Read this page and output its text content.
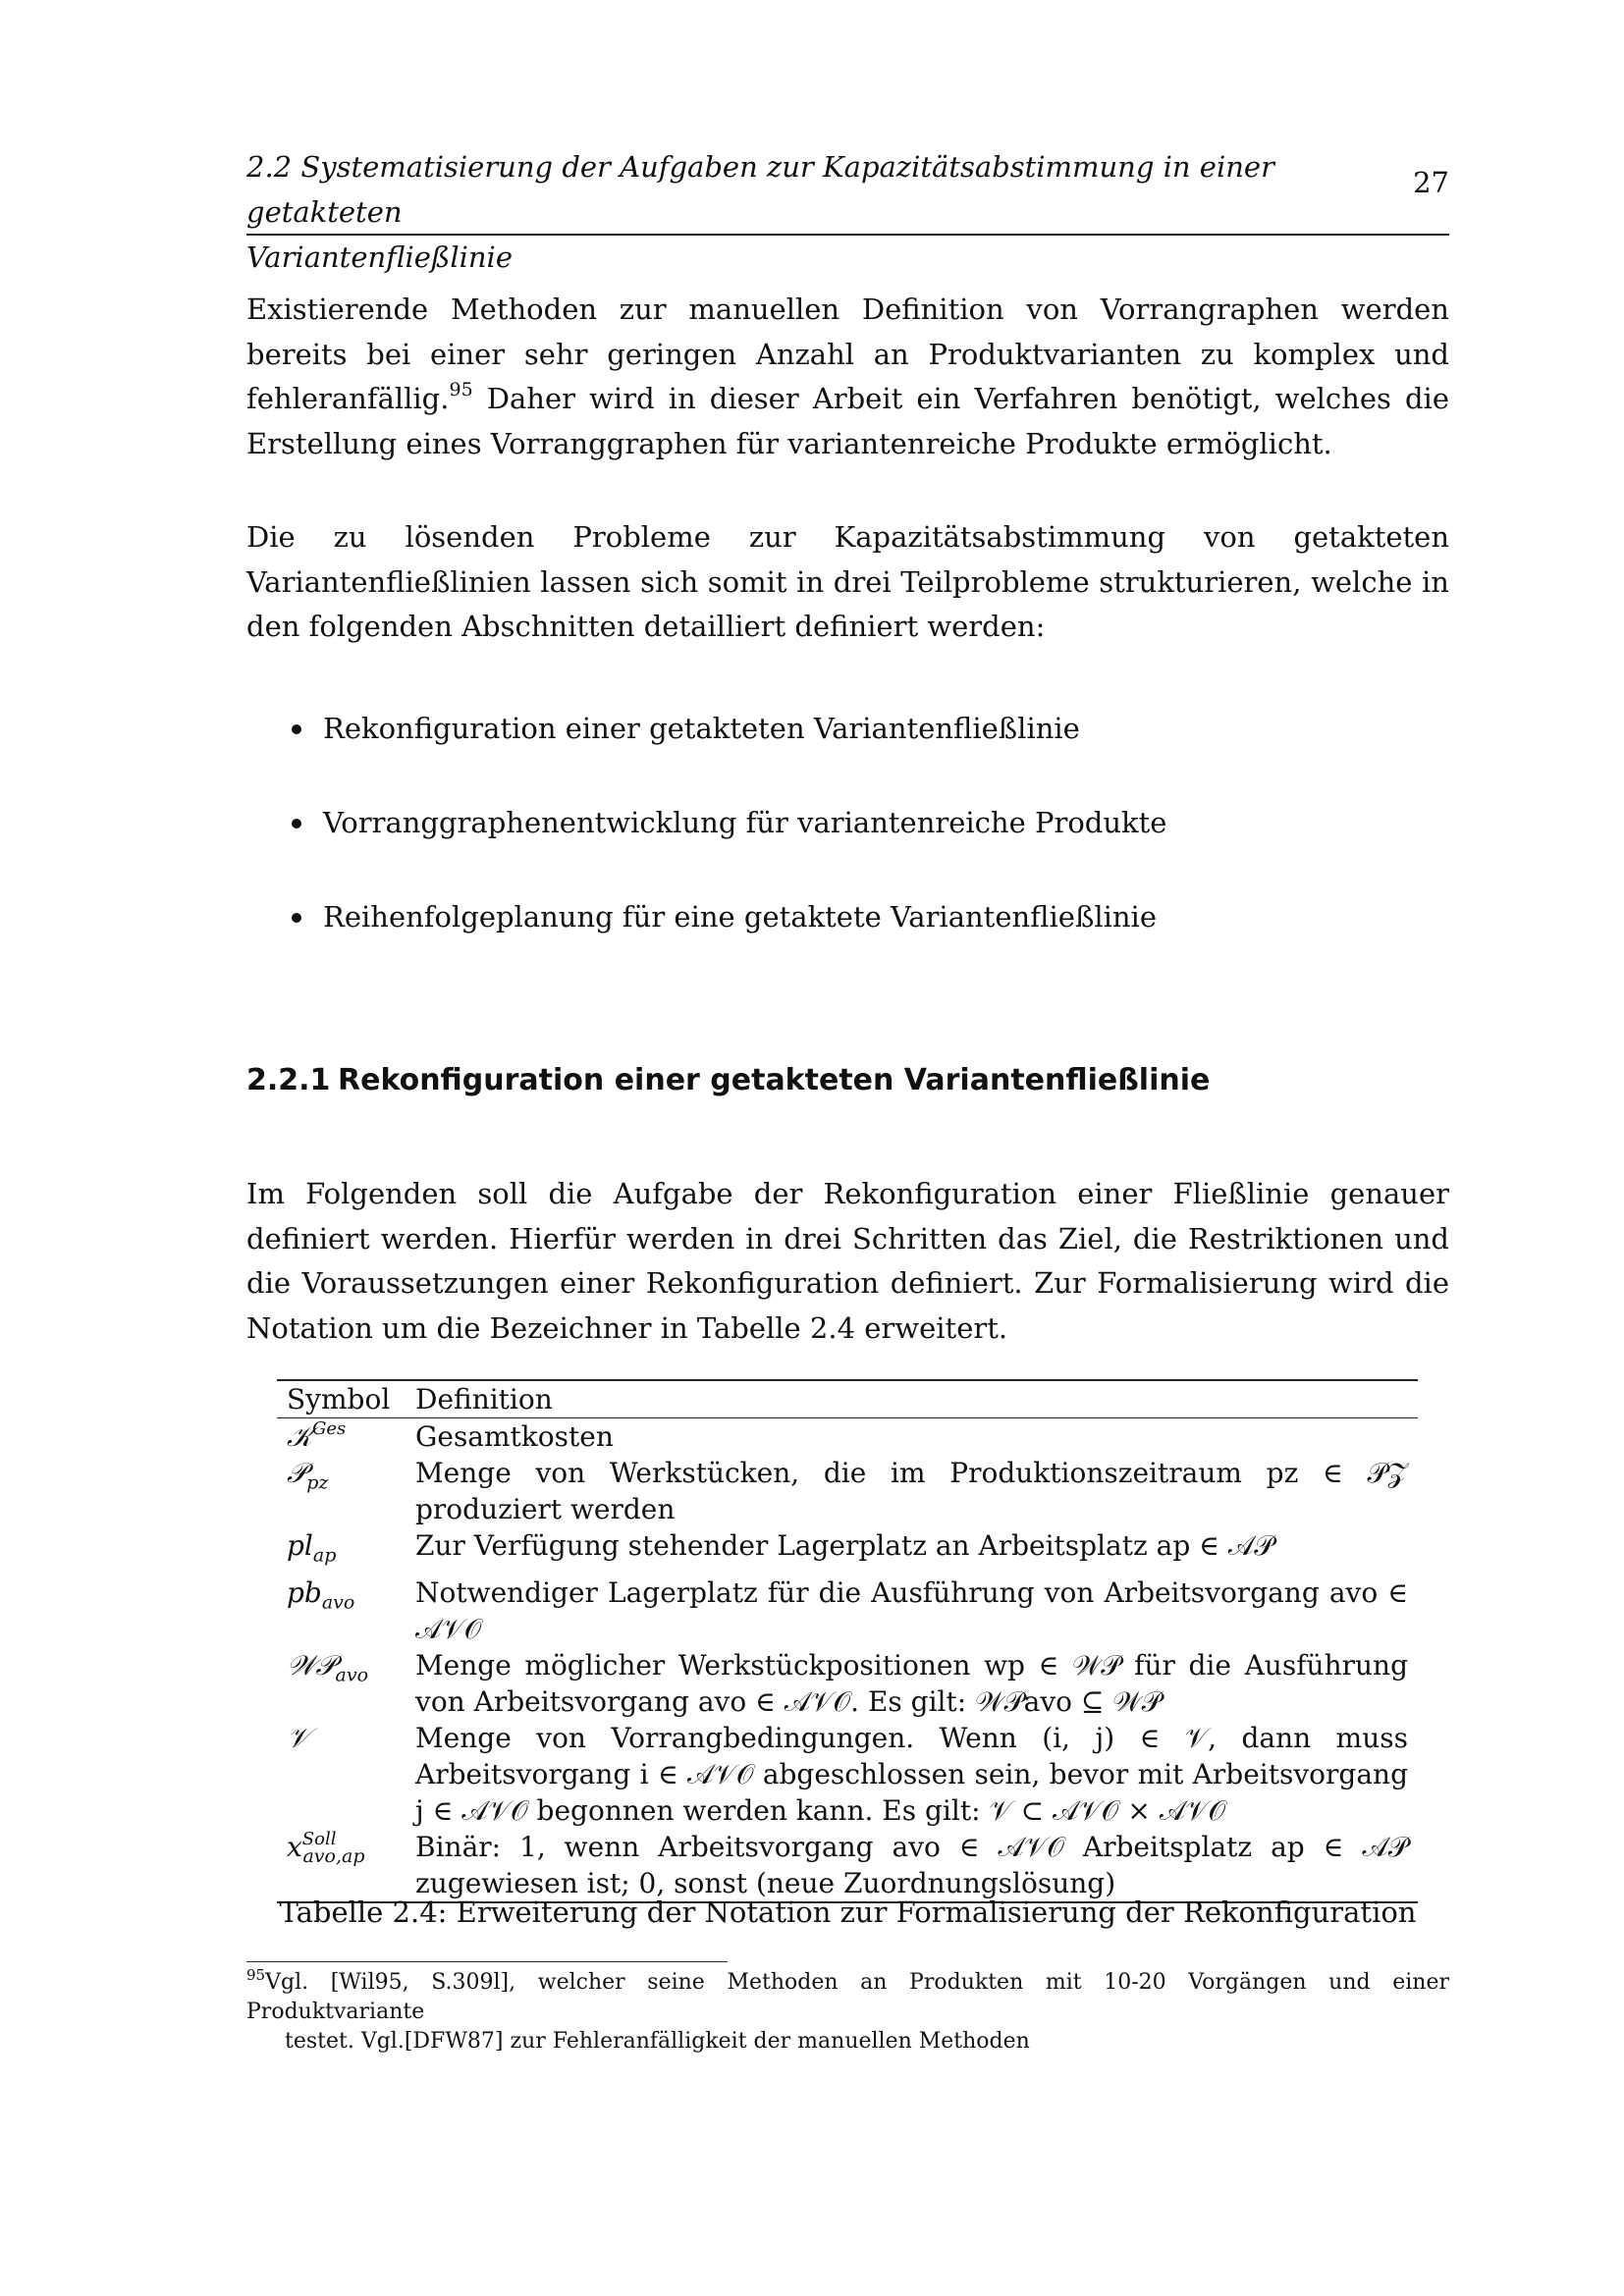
2.2 Systematisierung der Aufgaben zur Kapazitätsabstimmung in einer getakteten
Variantenfließlinie
27

Existierende Methoden zur manuellen Definition von Vorrangraphen werden bereits bei einer sehr geringen Anzahl an Produktvarianten zu komplex und fehleranfällig.$^{95}$ Daher wird in dieser Arbeit ein Verfahren benötigt, welches die Erstellung eines Vorranggraphen für variantenreiche Produkte ermöglicht.

Die zu lösenden Probleme zur Kapazitätsabstimmung von getakteten Variantenfließlinien lassen sich somit in drei Teilprobleme strukturieren, welche in den folgenden Abschnitten detailliert definiert werden:

Rekonfiguration einer getakteten Variantenfließlinie
Vorranggraphenentwicklung für variantenreiche Produkte
Reihenfolgeplanung für eine getaktete Variantenfließlinie
2.2.1 Rekonfiguration einer getakteten Variantenfließlinie

Im Folgenden soll die Aufgabe der Rekonfiguration einer Fließlinie genauer definiert werden. Hierfür werden in drei Schritten das Ziel, die Restriktionen und die Voraussetzungen einer Rekonfiguration definiert. Zur Formalisierung wird die Notation um die Bezeichner in Tabelle 2.4 erweitert.

Symbol	Definition
𝒦$^{Ges}$	Gesamtkosten
𝒫$_{pz}$	Menge von Werkstücken, die im Produktionszeitraum pz ∈ 𝒫𝒵 produziert werden
$pl_{ap}$	Zur Verfügung stehender Lagerplatz an Arbeitsplatz ap ∈ 𝒜𝒫
$pb_{avo}$	Notwendiger Lagerplatz für die Ausführung von Arbeitsvorgang avo ∈ 𝒜𝒱𝒪
𝒲𝒫$_{avo}$	Menge möglicher Werkstückpositionen wp ∈ 𝒲𝒫 für die Ausführung von Arbeitsvorgang avo ∈ 𝒜𝒱𝒪. Es gilt: 𝒲𝒫avo ⊆ 𝒲𝒫
𝒱	Menge von Vorrangbedingungen. Wenn (i, j) ∈ 𝒱, dann muss Arbeitsvorgang i ∈ 𝒜𝒱𝒪 abgeschlossen sein, bevor mit Arbeitsvorgang j ∈ 𝒜𝒱𝒪 begonnen werden kann. Es gilt: 𝒱 ⊂ 𝒜𝒱𝒪 × 𝒜𝒱𝒪
$x^{Soll}_{avo,ap}$	Binär: 1, wenn Arbeitsvorgang avo ∈ 𝒜𝒱𝒪 Arbeitsplatz ap ∈ 𝒜𝒫 zugewiesen ist; 0, sonst (neue Zuordnungslösung)
Tabelle 2.4: Erweiterung der Notation zur Formalisierung der Rekonfiguration
$^{95}$Vgl. [Wil95, S.309l], welcher seine Methoden an Produkten mit 10-20 Vorgängen und einer Produktvariante
testet. Vgl.[DFW87] zur Fehleranfälligkeit der manuellen Methoden
